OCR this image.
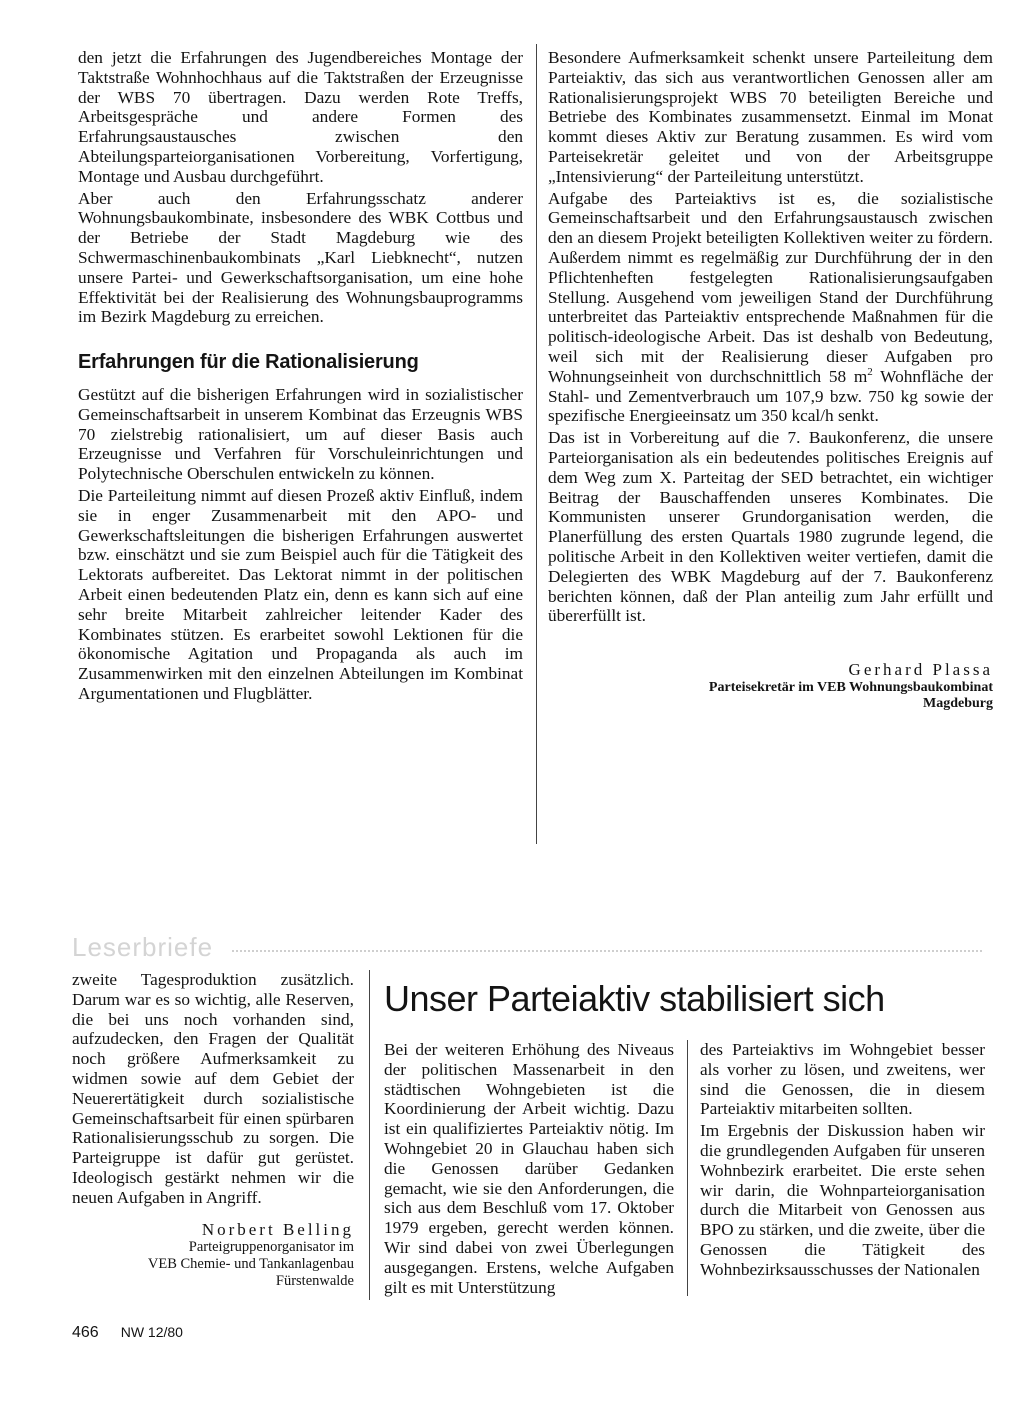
den jetzt die Erfahrungen des Jugendbereiches Montage der Taktstraße Wohnhochhaus auf die Taktstraßen der Erzeugnisse der WBS 70 übertragen. Dazu werden Rote Treffs, Arbeitsgespräche und andere Formen des Erfahrungsaustausches zwischen den Abteilungsparteiorganisationen Vorbereitung, Vorfertigung, Montage und Ausbau durchgeführt.

Aber auch den Erfahrungsschatz anderer Wohnungsbaukombinate, insbesondere des WBK Cottbus und der Betriebe der Stadt Magdeburg wie des Schwermaschinenbaukombinats „Karl Liebknecht“, nutzen unsere Partei- und Gewerkschaftsorganisation, um eine hohe Effektivität bei der Realisierung des Wohnungsbauprogramms im Bezirk Magdeburg zu erreichen.

Erfahrungen für die Rationalisierung

Gestützt auf die bisherigen Erfahrungen wird in sozialistischer Gemeinschaftsarbeit in unserem Kombinat das Erzeugnis WBS 70 zielstrebig rationalisiert, um auf dieser Basis auch Erzeugnisse und Verfahren für Vorschuleinrichtungen und Polytechnische Oberschulen entwickeln zu können.

Die Parteileitung nimmt auf diesen Prozeß aktiv Einfluß, indem sie in enger Zusammenarbeit mit den APO- und Gewerkschaftsleitungen die bisherigen Erfahrungen auswertet bzw. einschätzt und sie zum Beispiel auch für die Tätigkeit des Lektorats aufbereitet. Das Lektorat nimmt in der politischen Arbeit einen bedeutenden Platz ein, denn es kann sich auf eine sehr breite Mitarbeit zahlreicher leitender Kader des Kombinates stützen. Es erarbeitet sowohl Lektionen für die ökonomische Agitation und Propaganda als auch im Zusammenwirken mit den einzelnen Abteilungen im Kombinat Argumentationen und Flugblätter.

Besondere Aufmerksamkeit schenkt unsere Parteileitung dem Parteiaktiv, das sich aus verantwortlichen Genossen aller am Rationalisierungsprojekt WBS 70 beteiligten Bereiche und Betriebe des Kombinates zusammensetzt. Einmal im Monat kommt dieses Aktiv zur Beratung zusammen. Es wird vom Parteisekretär geleitet und von der Arbeitsgruppe „Intensivierung“ der Parteileitung unterstützt.

Aufgabe des Parteiaktivs ist es, die sozialistische Gemeinschaftsarbeit und den Erfahrungsaustausch zwischen den an diesem Projekt beteiligten Kollektiven weiter zu fördern. Außerdem nimmt es regelmäßig zur Durchführung der in den Pflichtenheften festgelegten Rationalisierungsaufgaben Stellung. Ausgehend vom jeweiligen Stand der Durchführung unterbreitet das Parteiaktiv entsprechende Maßnahmen für die politisch-ideologische Arbeit. Das ist deshalb von Bedeutung, weil sich mit der Realisierung dieser Aufgaben pro Wohnungseinheit von durchschnittlich 58 $m^2$ Wohnfläche der Stahl- und Zementverbrauch um 107,9 bzw. 750 kg sowie der spezifische Energieeinsatz um 350 kcal/h senkt.

Das ist in Vorbereitung auf die 7. Baukonferenz, die unsere Parteiorganisation als ein bedeutendes politisches Ereignis auf dem Weg zum X. Parteitag der SED betrachtet, ein wichtiger Beitrag der Bauschaffenden unseres Kombinates. Die Kommunisten unserer Grundorganisation werden, die Planerfüllung des ersten Quartals 1980 zugrunde legend, die politische Arbeit in den Kollektiven weiter vertiefen, damit die Delegierten des WBK Magdeburg auf der 7. Baukonferenz berichten können, daß der Plan anteilig zum Jahr erfüllt und übererfüllt ist.

Gerhard Plassa
Parteisekretär im VEB Wohnungsbaukombinat
Magdeburg
Leserbriefe

zweite Tagesproduktion zusätzlich. Darum war es so wichtig, alle Reserven, die bei uns noch vorhanden sind, aufzudecken, den Fragen der Qualität noch größere Aufmerksamkeit zu widmen sowie auf dem Gebiet der Neuerertätigkeit durch sozialistische Gemeinschaftsarbeit für einen spürbaren Rationalisierungsschub zu sorgen. Die Parteigruppe ist dafür gut gerüstet. Ideologisch gestärkt nehmen wir die neuen Aufgaben in Angriff.

Norbert Belling
Parteigruppenorganisator im
VEB Chemie- und Tankanlagenbau
Fürstenwalde
Unser Parteiaktiv stabilisiert sich

Bei der weiteren Erhöhung des Niveaus der politischen Massenarbeit in den städtischen Wohngebieten ist die Koordinierung der Arbeit wichtig. Dazu ist ein qualifiziertes Parteiaktiv nötig. Im Wohngebiet 20 in Glauchau haben sich die Genossen darüber Gedanken gemacht, wie sie den Anforderungen, die sich aus dem Beschluß vom 17. Oktober 1979 ergeben, gerecht werden können. Wir sind dabei von zwei Überlegungen ausgegangen. Erstens, welche Aufgaben gilt es mit Unterstützung

des Parteiaktivs im Wohngebiet besser als vorher zu lösen, und zweitens, wer sind die Genossen, die in diesem Parteiaktiv mitarbeiten sollten.

Im Ergebnis der Diskussion haben wir die grundlegenden Aufgaben für unseren Wohnbezirk erarbeitet. Die erste sehen wir darin, die Wohnparteiorganisation durch die Mitarbeit von Genossen aus BPO zu stärken, und die zweite, über die Genossen die Tätigkeit des Wohnbezirksausschusses der Nationalen

466 NW 12/80
